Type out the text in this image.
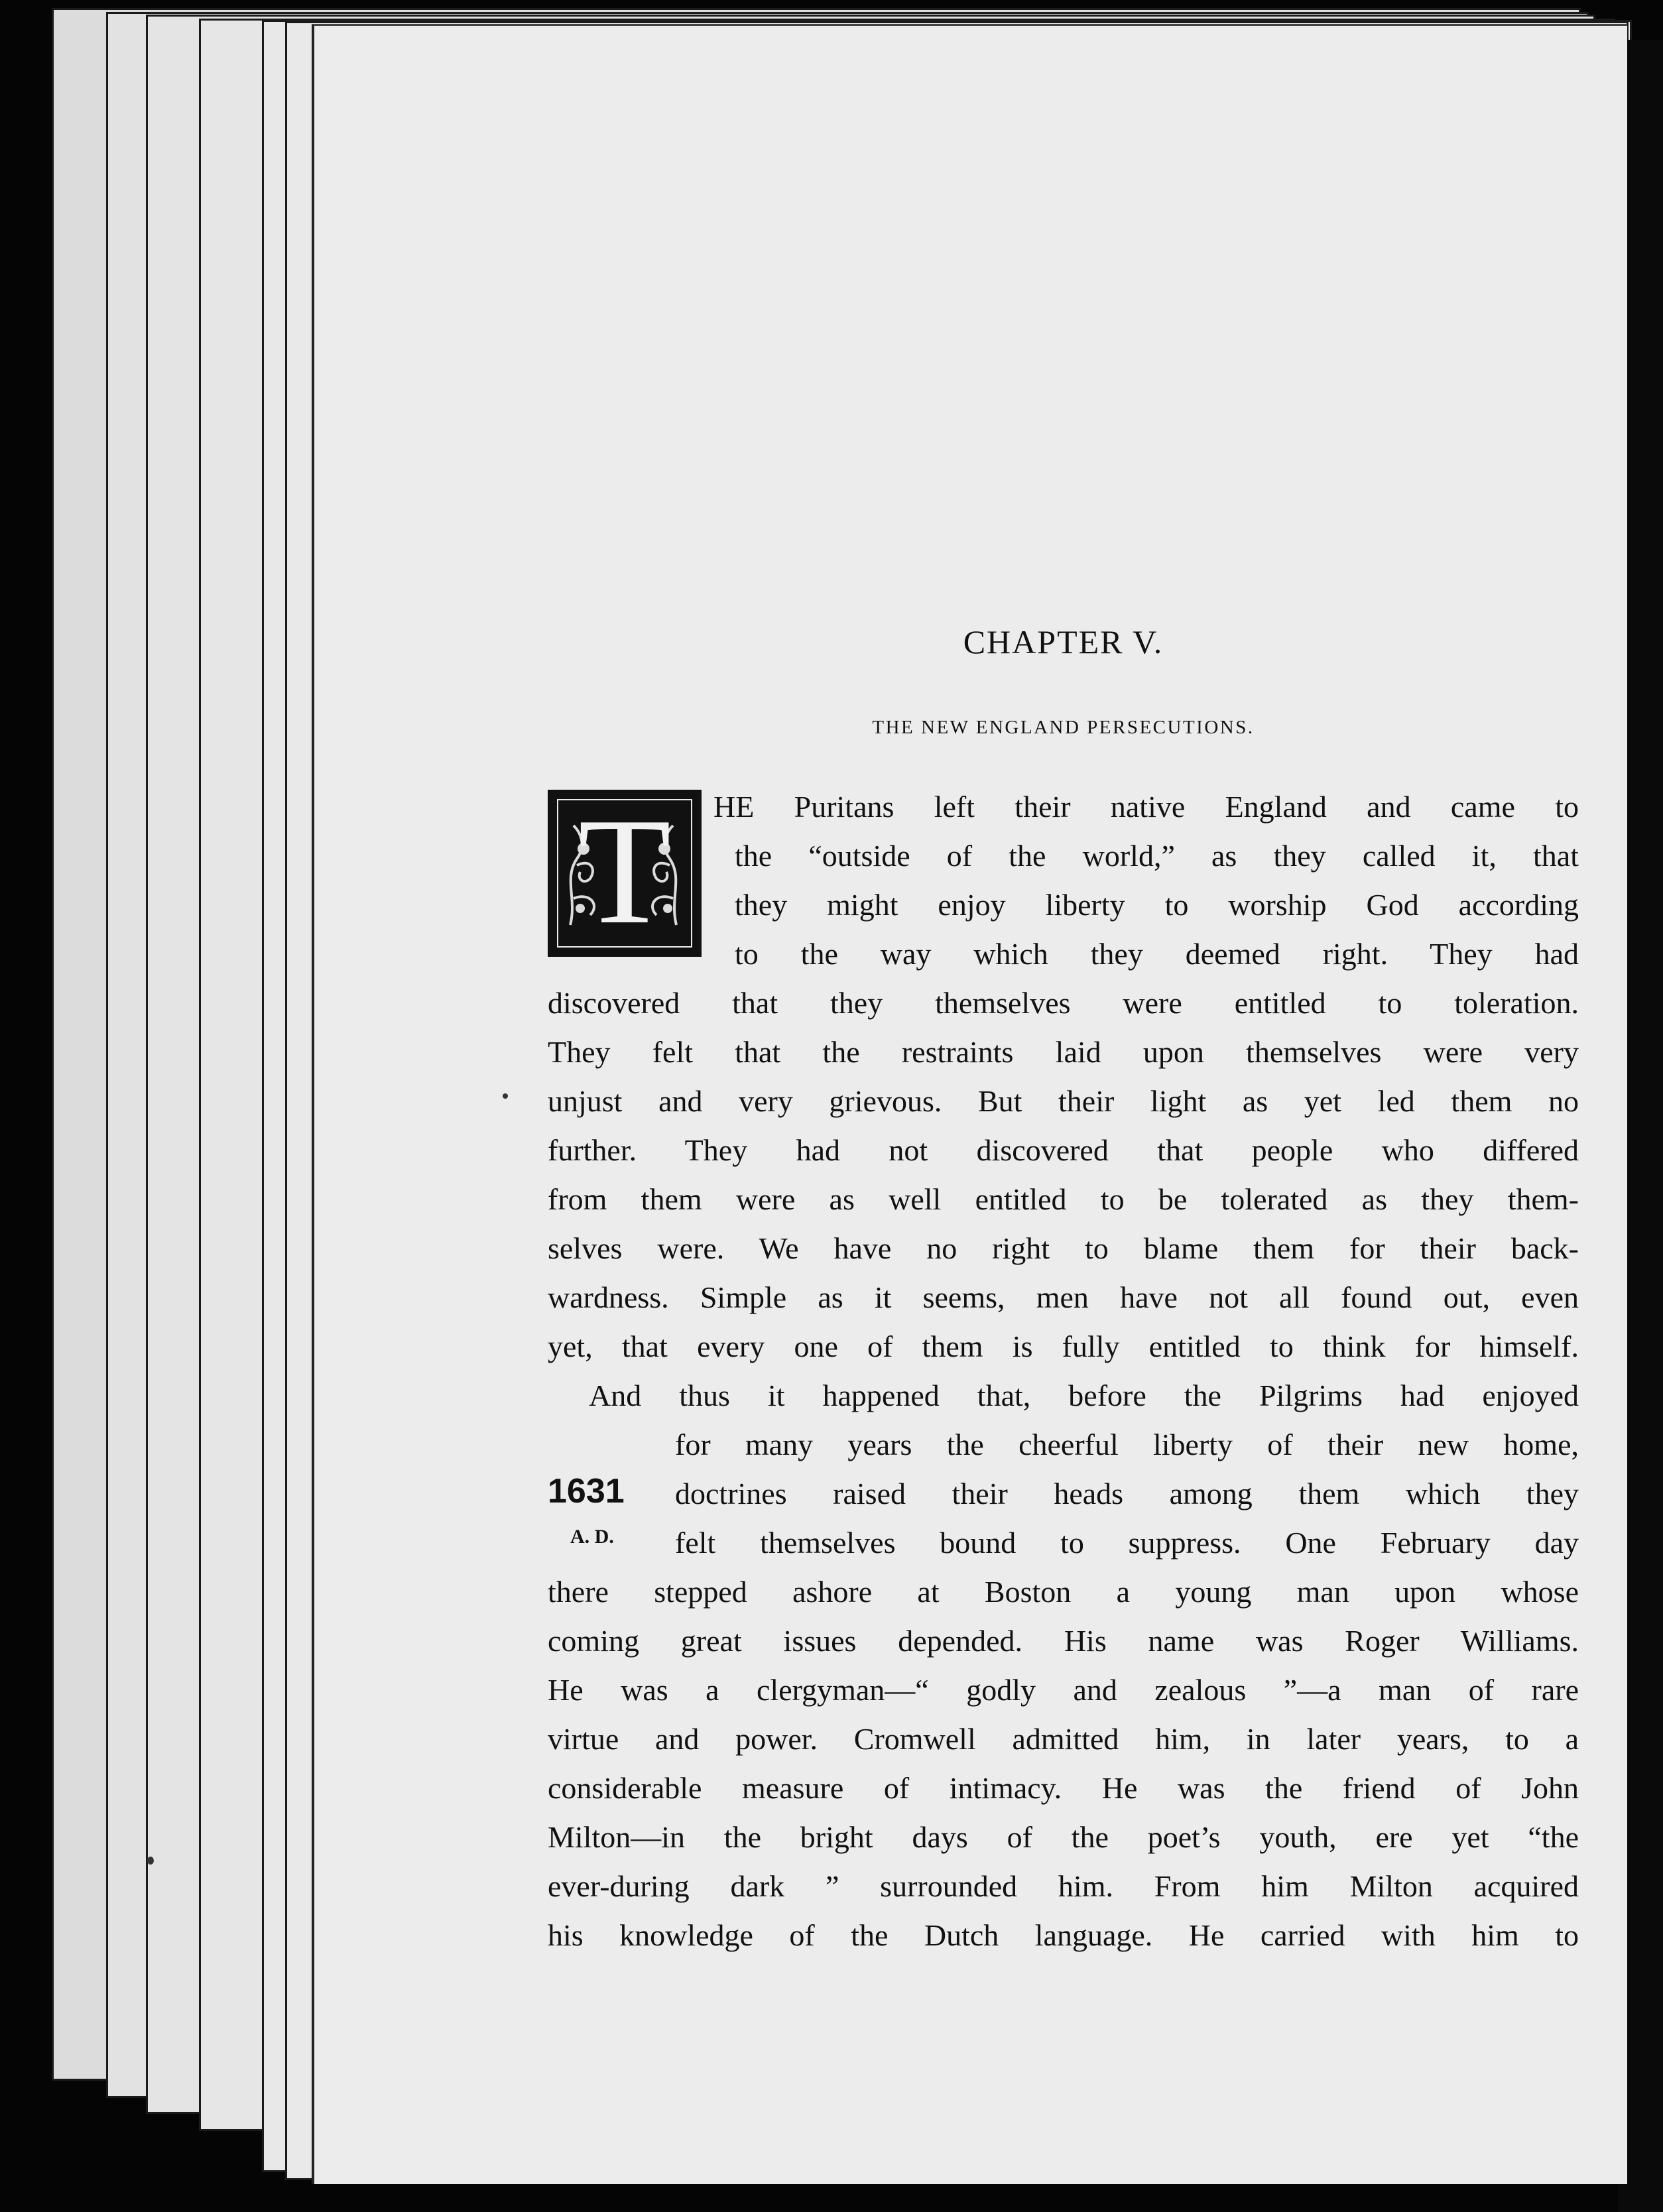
CHAPTER V.
THE NEW ENGLAND PERSECUTIONS.
T
1631
A. D.
HE Puritans left their native England and came to
the “outside of the world,” as they called it, that
they might enjoy liberty to worship God according
to the way which they deemed right. They had
discovered that they themselves were entitled to toleration.
They felt that the restraints laid upon themselves were very
unjust and very grievous. But their light as yet led them no
further. They had not discovered that people who differed
from them were as well entitled to be tolerated as they them-
selves were. We have no right to blame them for their back-
wardness. Simple as it seems, men have not all found out, even
yet, that every one of them is fully entitled to think for himself.
And thus it happened that, before the Pilgrims had enjoyed
for many years the cheerful liberty of their new home,
doctrines raised their heads among them which they
felt themselves bound to suppress. One February day
there stepped ashore at Boston a young man upon whose
coming great issues depended. His name was Roger Williams.
He was a clergyman—“ godly and zealous ”—a man of rare
virtue and power. Cromwell admitted him, in later years, to a
considerable measure of intimacy. He was the friend of John
Milton—in the bright days of the poet’s youth, ere yet “the
ever-during dark ” surrounded him. From him Milton acquired
his knowledge of the Dutch language. He carried with him to
